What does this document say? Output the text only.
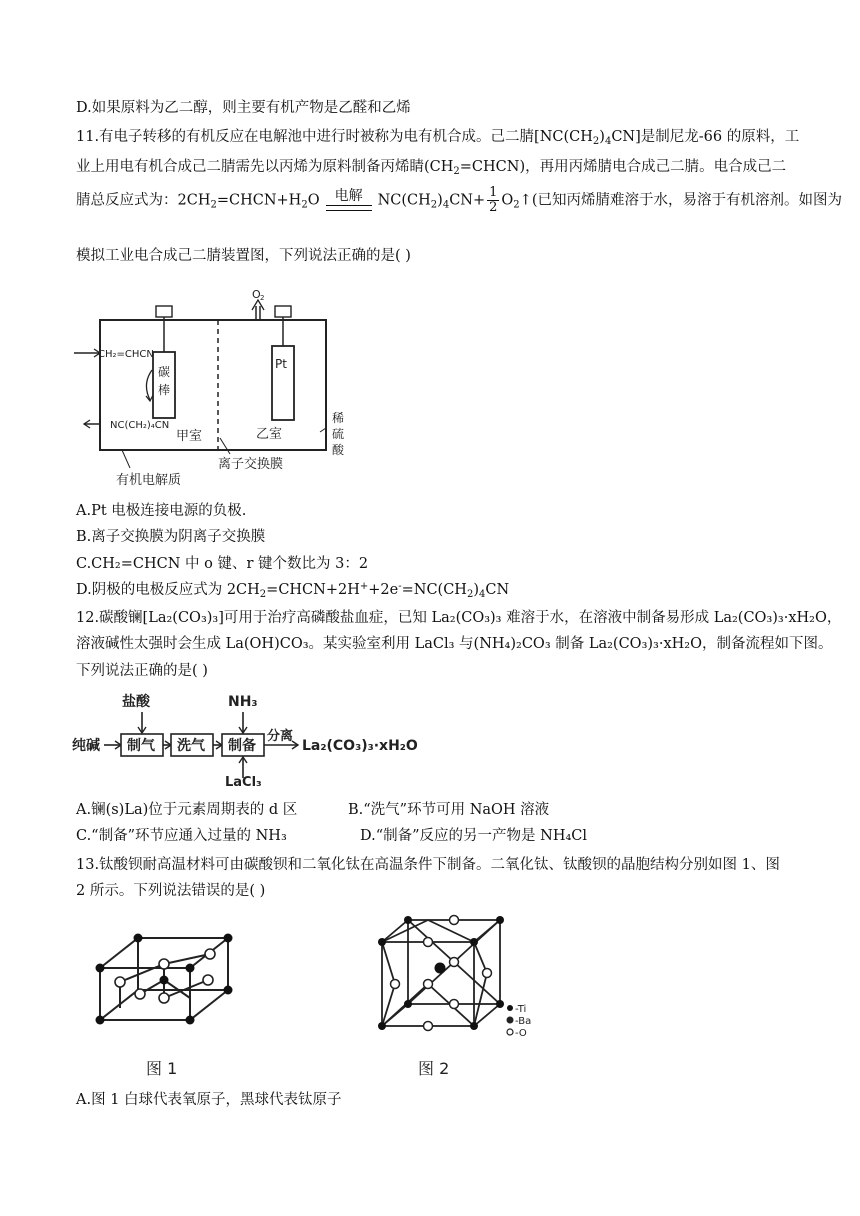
D.如果原料为乙二醇，则主要有机产物是乙醛和乙烯
11.有电子转移的有机反应在电解池中进行时被称为电有机合成。己二腈$[NC(CH_2)_4CN]$是制尼龙-66 的原料，工
业上用电有机合成己二腈需先以丙烯为原料制备丙烯睛$(CH_2=CHCN)$，再用丙烯腈电合成己二腈。电合成己二
腈总反应式为：$2CH_2=CHCN+H_2O$	电解	$NC(CH_2)_4CN+ \frac{1}{2}$ $O_2↑$(已知丙烯腈难溶于水，易溶于有机溶剂。如图为
模拟工业电合成己二腈装置图，下列说法正确的是( )
O 2
CH₂=CHCN
NC(CH₂)₄CN
碳
棒
Pt
甲室	乙室
稀
硫
酸
离子交换膜
有机电解质
A.Pt 电极连接电源的负极.
B.离子交换膜为阴离子交换膜
C.CH₂=CHCN 中 o 键、r 键个数比为 3：2
D.阴极的电极反应式为 $2CH_2=CHCN+2H^++2e^-=NC(CH_2)_4CN$
12.碳酸镧[La₂(CO₃)₃]可用于治疗高磷酸盐血症，已知 La₂(CO₃)₃ 难溶于水，在溶液中制备易形成 La₂(CO₃)₃·xH₂O，
溶液碱性太强时会生成 La(OH)CO₃。某实验室利用 LaCl₃ 与(NH₄)₂CO₃ 制备 La₂(CO₃)₃·xH₂O，制备流程如下图。
下列说法正确的是( )
纯碱 制气
盐酸
洗气 制备
NH₃
LaCl₃
分离
La₂(CO₃)₃·xH₂O
A.镧(s)La)位于元素周期表的 d 区	B.“洗气”环节可用 NaOH 溶液
C.“制备”环节应通入过量的 NH₃	D.“制备”反应的另一产物是 NH₄Cl
13.钛酸钡耐高温材料可由碳酸钡和二氧化钛在高温条件下制备。二氧化钛、钛酸钡的晶胞结构分别如图 1、图
2 所示。下列说法错误的是( )
图 1
-Ti
-Ba
-O
图 2
A.图 1 白球代表氧原子，黑球代表钛原子
